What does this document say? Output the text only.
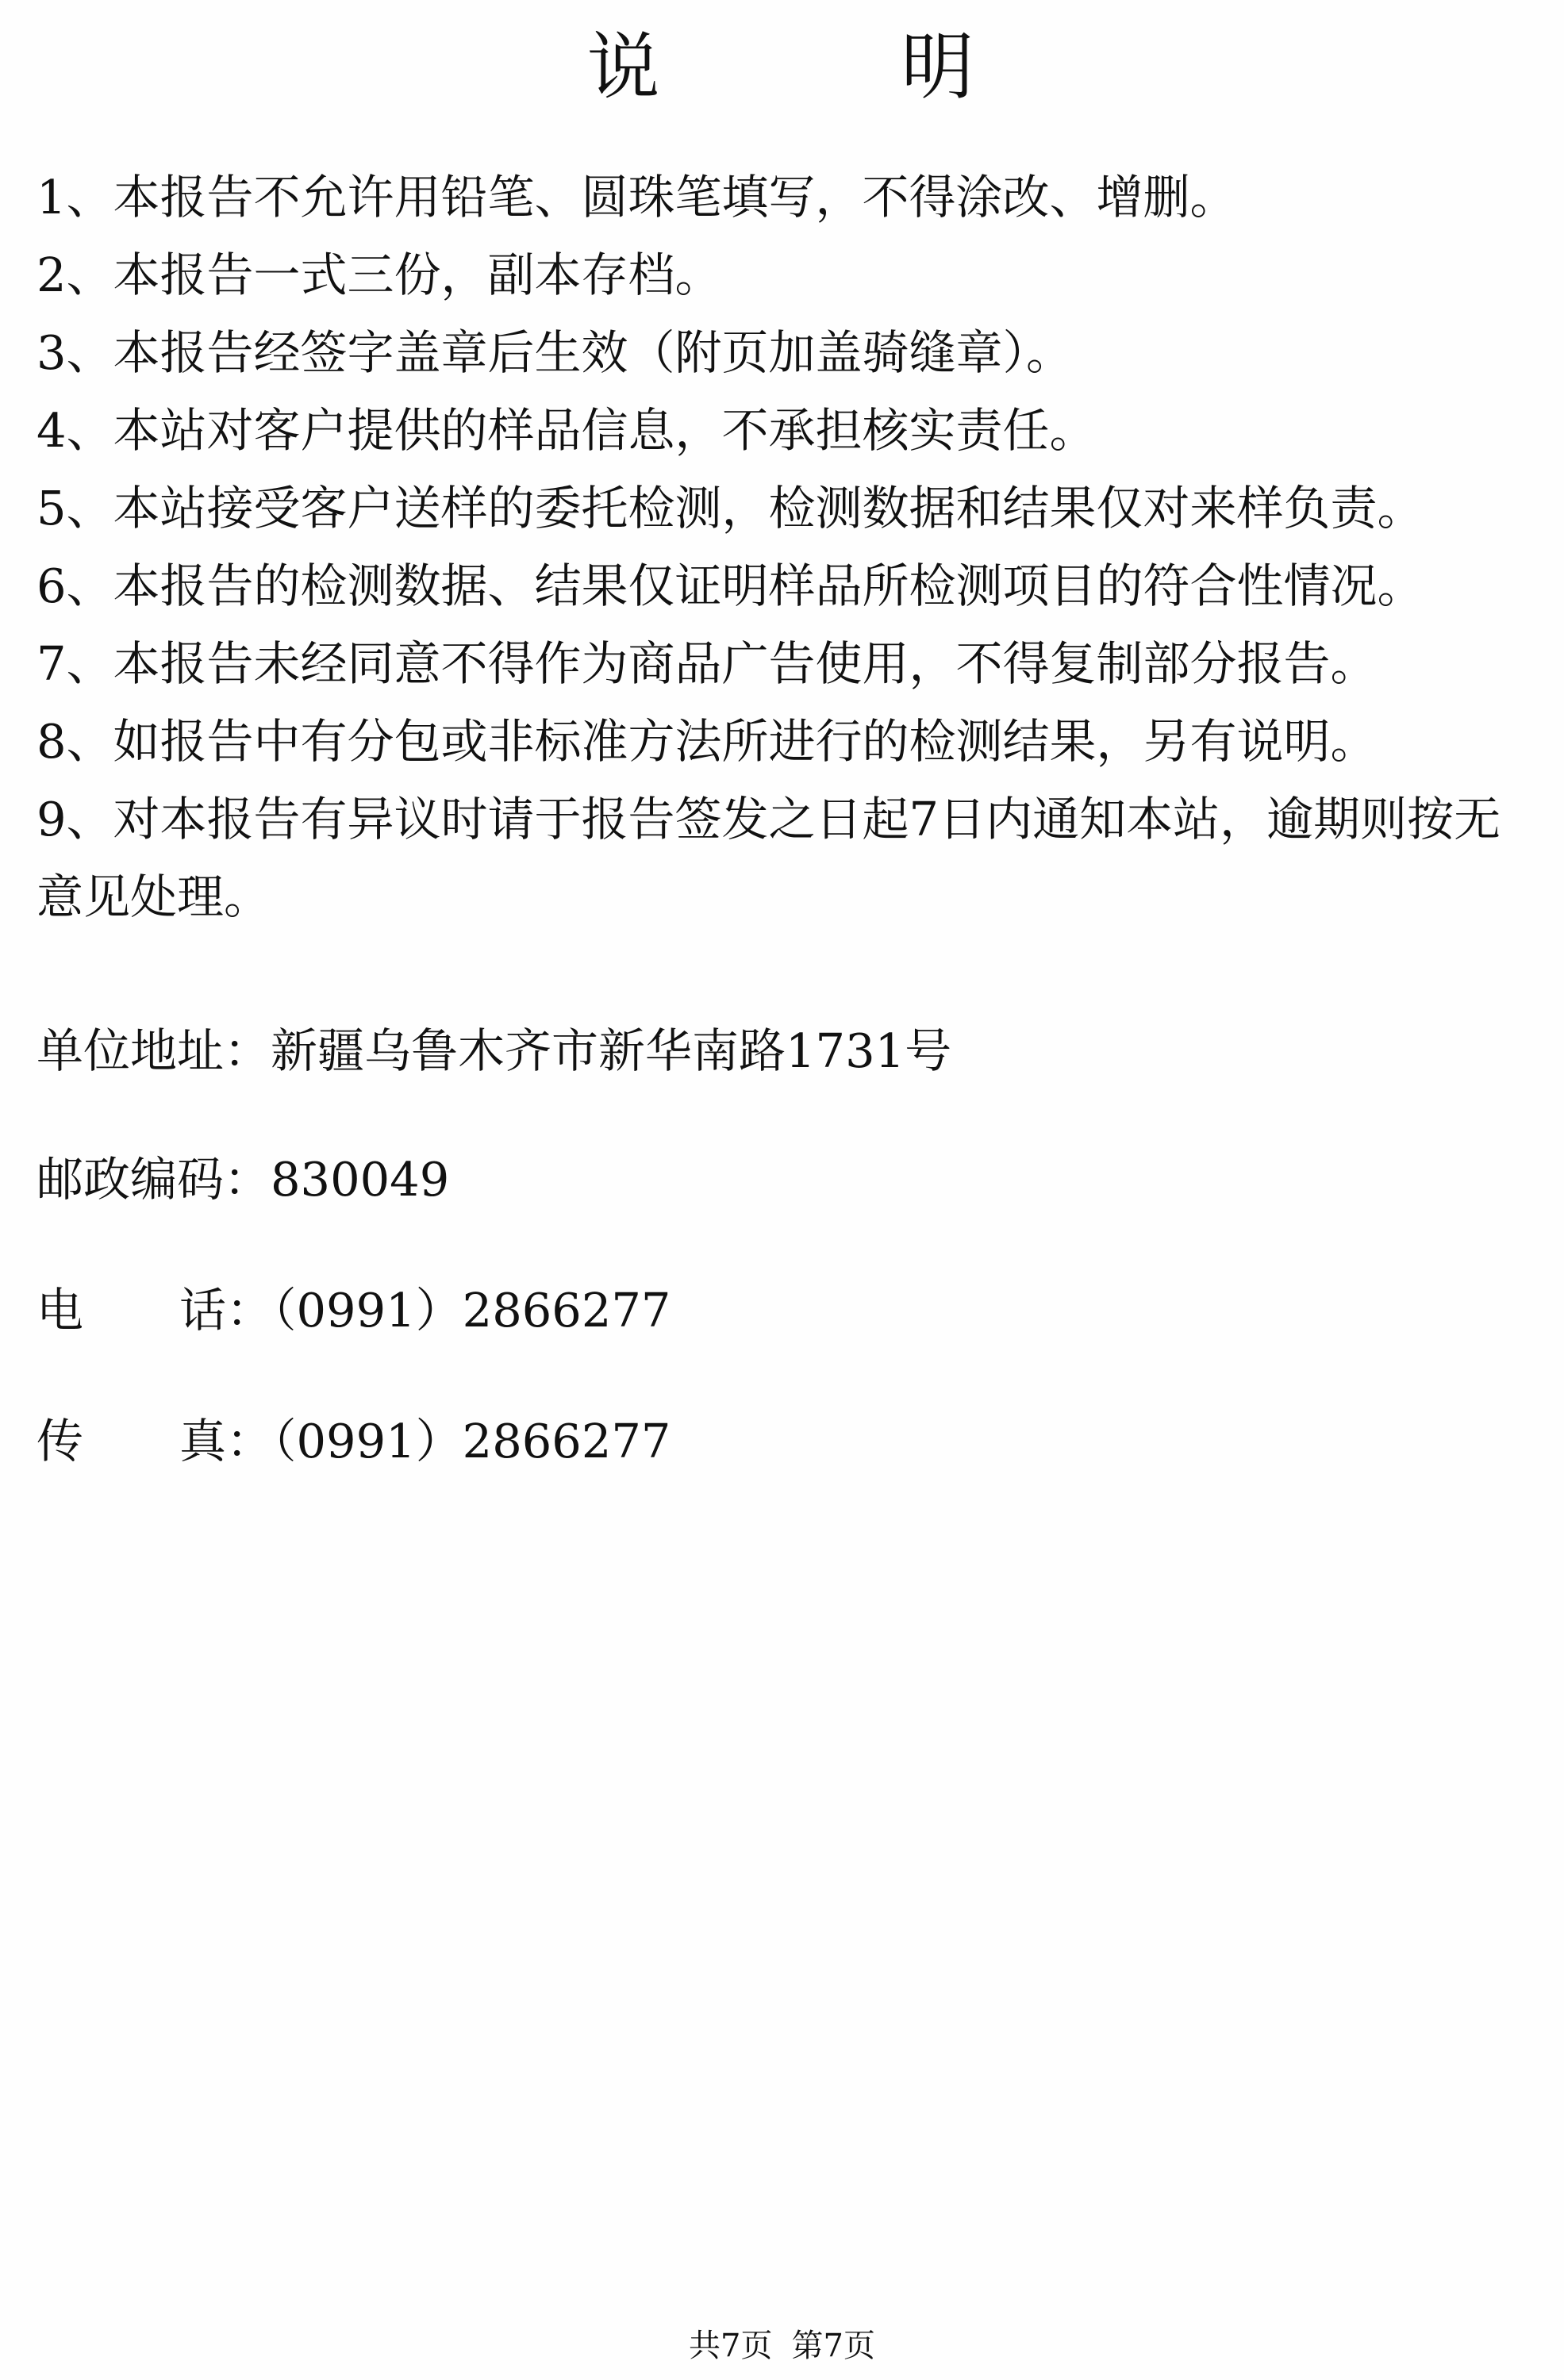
说	明
1、本报告不允许用铅笔、圆珠笔填写，不得涂改、增删。
2、本报告一式三份，副本存档。
3、本报告经签字盖章后生效（附页加盖骑缝章）。
4、本站对客户提供的样品信息，不承担核实责任。
5、本站接受客户送样的委托检测，检测数据和结果仅对来样负责。
6、本报告的检测数据、结果仅证明样品所检测项目的符合性情况。
7、本报告未经同意不得作为商品广告使用，不得复制部分报告。
8、如报告中有分包或非标准方法所进行的检测结果，另有说明。
9、对本报告有异议时请于报告签发之日起7日内通知本站，逾期则按无意见处理。
单位地址：新疆乌鲁木齐市新华南路1731号
邮政编码：830049
电 话：（0991）2866277
传 真：（0991）2866277
共7页 第7页
